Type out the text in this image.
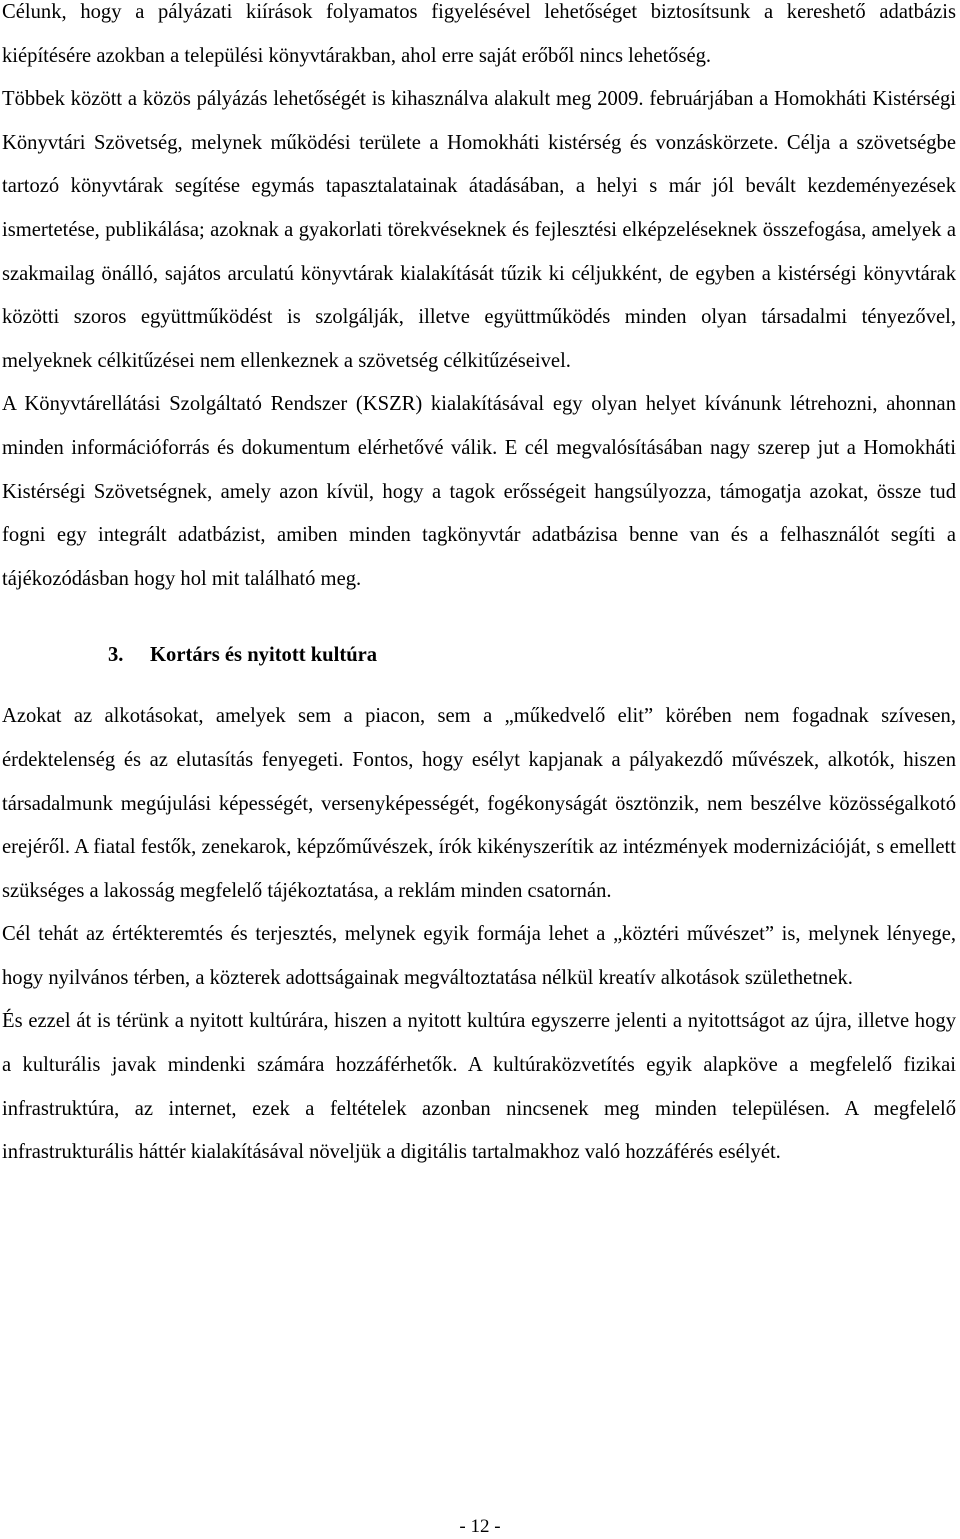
Célunk, hogy a pályázati kiírások folyamatos figyelésével lehetőséget biztosítsunk a kereshető adatbázis kiépítésére azokban a települési könyvtárakban, ahol erre saját erőből nincs lehetőség.

Többek között a közös pályázás lehetőségét is kihasználva alakult meg 2009. februárjában a Homokháti Kistérségi Könyvtári Szövetség, melynek működési területe a Homokháti kistérség és vonzáskörzete. Célja a szövetségbe tartozó könyvtárak segítése egymás tapasztalatainak átadásában, a helyi s már jól bevált kezdeményezések ismertetése, publikálása; azoknak a gyakorlati törekvéseknek és fejlesztési elképzeléseknek összefogása, amelyek a szakmailag önálló, sajátos arculatú könyvtárak kialakítását tűzik ki céljukként, de egyben a kistérségi könyvtárak közötti szoros együttműködést is szolgálják, illetve együttműködés minden olyan társadalmi tényezővel, melyeknek célkitűzései nem ellenkeznek a szövetség célkitűzéseivel.

A Könyvtárellátási Szolgáltató Rendszer (KSZR) kialakításával egy olyan helyet kívánunk létrehozni, ahonnan minden információforrás és dokumentum elérhetővé válik. E cél megvalósításában nagy szerep jut a Homokháti Kistérségi Szövetségnek, amely azon kívül, hogy a tagok erősségeit hangsúlyozza, támogatja azokat, össze tud fogni egy integrált adatbázist, amiben minden tagkönyvtár adatbázisa benne van és a felhasználót segíti a tájékozódásban hogy hol mit található meg.

3. Kortárs és nyitott kultúra

Azokat az alkotásokat, amelyek sem a piacon, sem a „műkedvelő elit” körében nem fogadnak szívesen, érdektelenség és az elutasítás fenyegeti. Fontos, hogy esélyt kapjanak a pályakezdő művészek, alkotók, hiszen társadalmunk megújulási képességét, versenyképességét, fogékonyságát ösztönzik, nem beszélve közösségalkotó erejéről. A fiatal festők, zenekarok, képzőművészek, írók kikényszerítik az intézmények modernizációját, s emellett szükséges a lakosság megfelelő tájékoztatása, a reklám minden csatornán.

Cél tehát az értékteremtés és terjesztés, melynek egyik formája lehet a „köztéri művészet” is, melynek lényege, hogy nyilvános térben, a közterek adottságainak megváltoztatása nélkül kreatív alkotások születhetnek.

És ezzel át is térünk a nyitott kultúrára, hiszen a nyitott kultúra egyszerre jelenti a nyitottságot az újra, illetve hogy a kulturális javak mindenki számára hozzáférhetők. A kultúraközvetítés egyik alapköve a megfelelő fizikai infrastruktúra, az internet, ezek a feltételek azonban nincsenek meg minden településen. A megfelelő infrastrukturális háttér kialakításával növeljük a digitális tartalmakhoz való hozzáférés esélyét.

- 12 -
